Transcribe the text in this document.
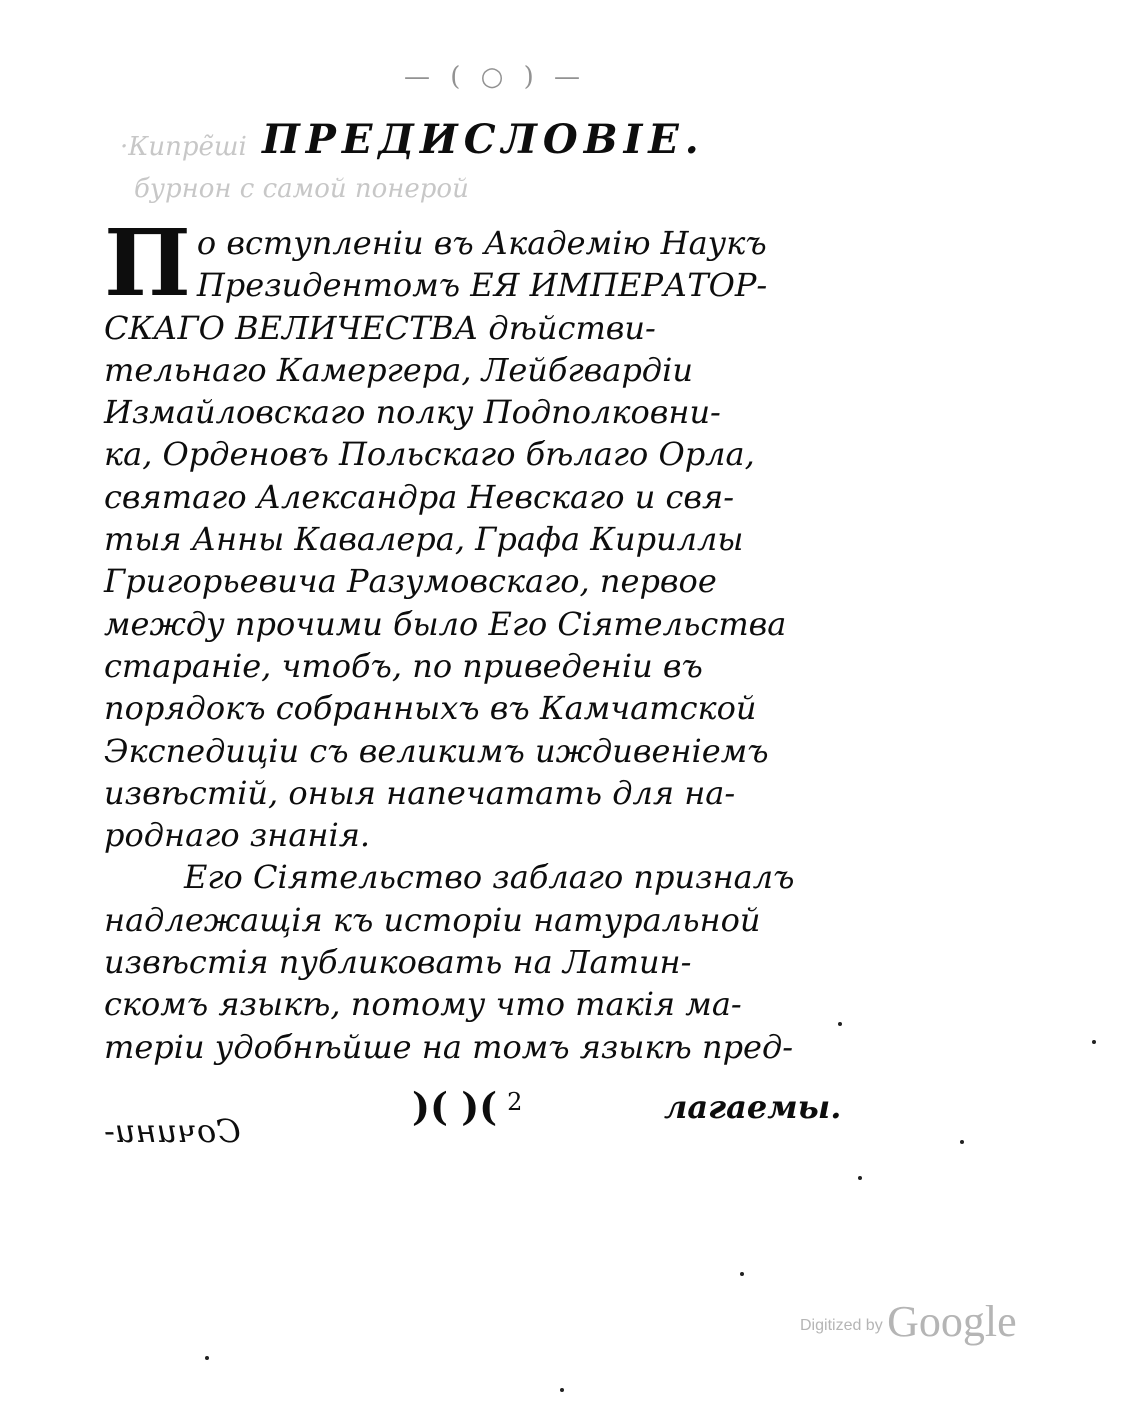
— ( ○ ) —
·Кипре̃ші
бурнон с самой понерой
ПРЕДИСЛОВІЕ.
П о вступленіи въ Академію Наукъ
Президентомъ ЕЯ ИМПЕРАТОР-
СКАГО ВЕЛИЧЕСТВА дѣйстви-
тельнаго Камергера, Лейбгвардіи
Измайловскаго полку Подполковни-
ка, Орденовъ Польскаго бѣлаго Орла,
святаго Александра Невскаго и свя-
тыя Анны Кавалера, Графа Кириллы
Григорьевича Разумовскаго, первое
между прочими было Его Сіятельства
стараніе, чтобъ, по приведеніи въ
порядокъ собранныхъ въ Камчатской
Экспедиціи съ великимъ иждивеніемъ
извѣстій, оныя напечатать для на-
роднаго знанія.
Его Сіятельство заблаго призналъ
надлежащія къ исторіи натуральной
извѣстія публиковать на Латин-
скомъ языкѣ, потому что такія ма-
теріи удобнѣйше на томъ языкѣ пред-
)( )( $^2$	лагаемы.
Сочини-
Digitized by Google
